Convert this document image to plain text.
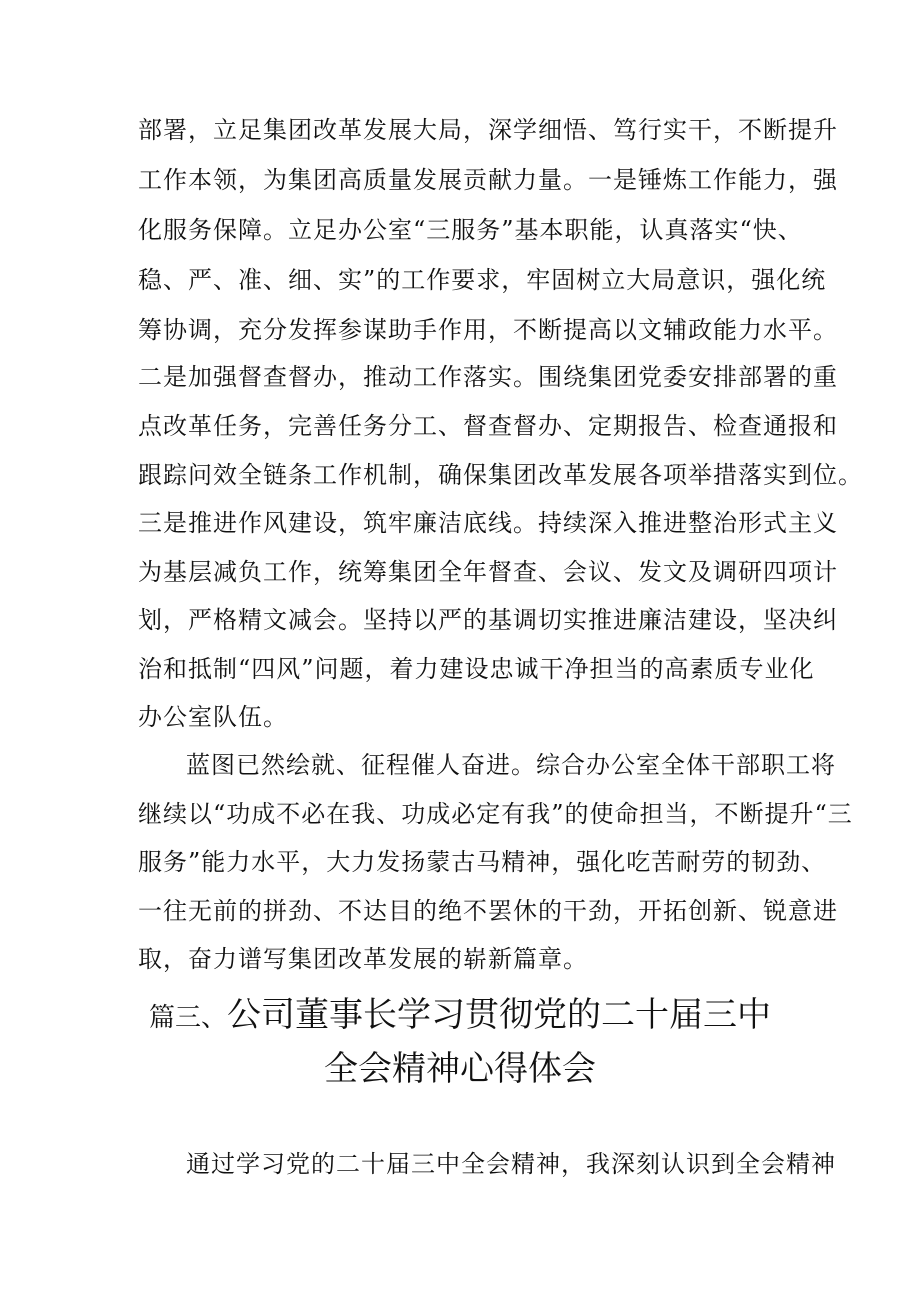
部署，立足集团改革发展大局，深学细悟、笃行实干，不断提升
工作本领，为集团高质量发展贡献力量。一是锤炼工作能力，强
化服务保障。立足办公室“三服务”基本职能，认真落实“快、
稳、严、准、细、实”的工作要求，牢固树立大局意识，强化统
筹协调，充分发挥参谋助手作用，不断提高以文辅政能力水平。
二是加强督查督办，推动工作落实。围绕集团党委安排部署的重
点改革任务，完善任务分工、督查督办、定期报告、检查通报和
跟踪问效全链条工作机制，确保集团改革发展各项举措落实到位。
三是推进作风建设，筑牢廉洁底线。持续深入推进整治形式主义
为基层减负工作，统筹集团全年督查、会议、发文及调研四项计
划，严格精文减会。坚持以严的基调切实推进廉洁建设，坚决纠
治和抵制“四风”问题，着力建设忠诚干净担当的高素质专业化
办公室队伍。
蓝图已然绘就、征程催人奋进。综合办公室全体干部职工将
继续以“功成不必在我、功成必定有我”的使命担当，不断提升“三
服务”能力水平，大力发扬蒙古马精神，强化吃苦耐劳的韧劲、
一往无前的拼劲、不达目的绝不罢休的干劲，开拓创新、锐意进
取，奋力谱写集团改革发展的崭新篇章。
篇三、公司董事长学习贯彻党的二十届三中
全会精神心得体会
通过学习党的二十届三中全会精神，我深刻认识到全会精神
